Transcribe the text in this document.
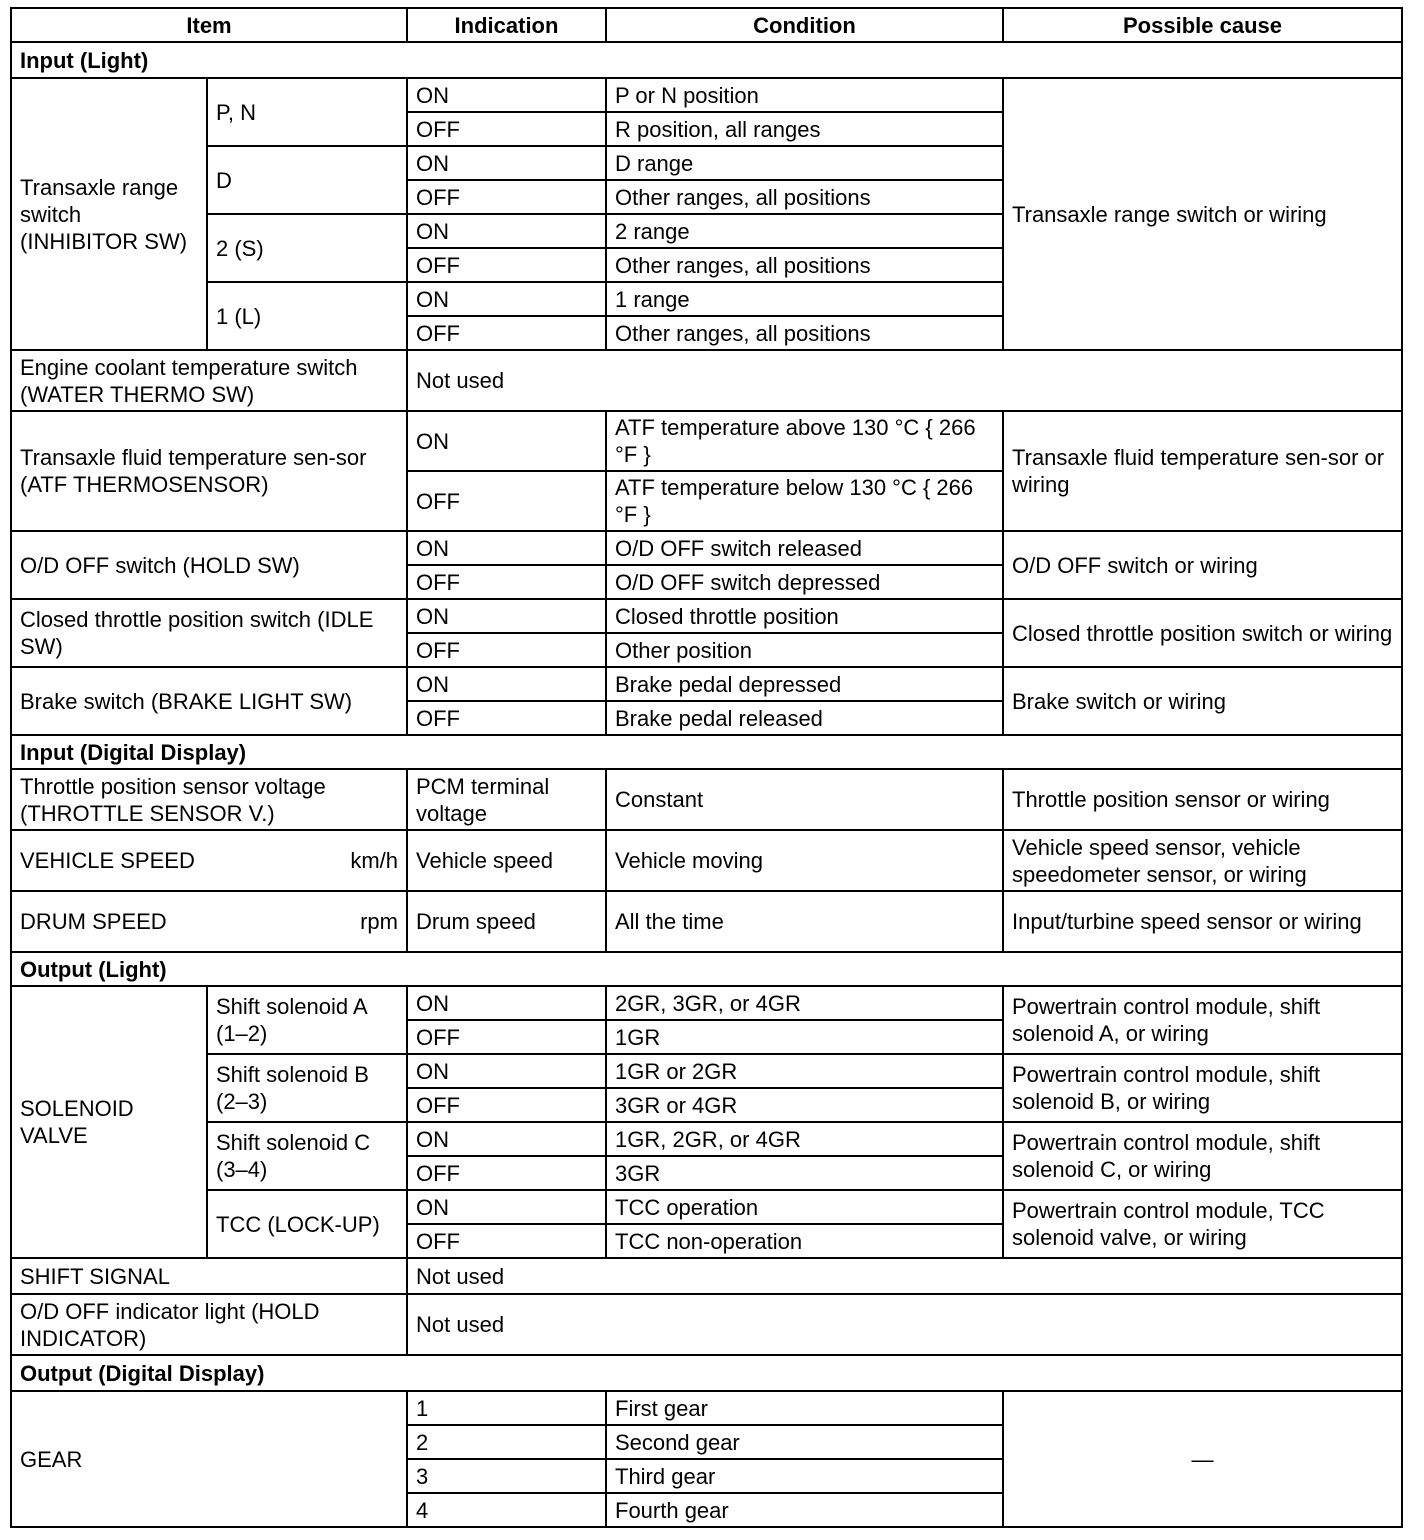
Item		Indication	Condition	Possible cause
Input (Light)				
Transaxle range switch (INHIBITOR SW)	P, N	ON	P or N position	Transaxle range switch or wiring
		OFF	R position, all ranges	
	D	ON	D range	
		OFF	Other ranges, all positions	
	2 (S)	ON	2 range	
		OFF	Other ranges, all positions	
	1 (L)	ON	1 range	
		OFF	Other ranges, all positions	
Engine coolant temperature switch (WATER THERMO SW)		Not used		
Transaxle fluid temperature sen-sor (ATF THERMOSENSOR)		ON	ATF temperature above 130 °C { 266 °F }	Transaxle fluid temperature sen-sor or wiring
		OFF	ATF temperature below 130 °C { 266 °F }	
O/D OFF switch (HOLD SW)		ON	O/D OFF switch released	O/D OFF switch or wiring
		OFF	O/D OFF switch depressed	
Closed throttle position switch (IDLE SW)		ON	Closed throttle position	Closed throttle position switch or wiring
		OFF	Other position	
Brake switch (BRAKE LIGHT SW)		ON	Brake pedal depressed	Brake switch or wiring
		OFF	Brake pedal released	
Input (Digital Display)				
Throttle position sensor voltage (THROTTLE SENSOR V.)		PCM terminal voltage	Constant	Throttle position sensor or wiring

VEHICLE SPEED km/h		Vehicle speed	Vehicle moving	Vehicle speed sensor, vehicle speedometer sensor, or wiring

DRUM SPEED rpm		Drum speed	All the time	Input/turbine speed sensor or wiring
Output (Light)				
SOLENOID VALVE	Shift solenoid A (1–2)	ON	2GR, 3GR, or 4GR	Powertrain control module, shift solenoid A, or wiring
		OFF	1GR	
	Shift solenoid B (2–3)	ON	1GR or 2GR	Powertrain control module, shift solenoid B, or wiring
		OFF	3GR or 4GR	
	Shift solenoid C (3–4)	ON	1GR, 2GR, or 4GR	Powertrain control module, shift solenoid C, or wiring
		OFF	3GR	
	TCC (LOCK-UP)	ON	TCC operation	Powertrain control module, TCC solenoid valve, or wiring
		OFF	TCC non-operation	
SHIFT SIGNAL		Not used		
O/D OFF indicator light (HOLD INDICATOR)		Not used		
Output (Digital Display)				
GEAR		1	First gear	—
		2	Second gear	
		3	Third gear	
		4	Fourth gear	
